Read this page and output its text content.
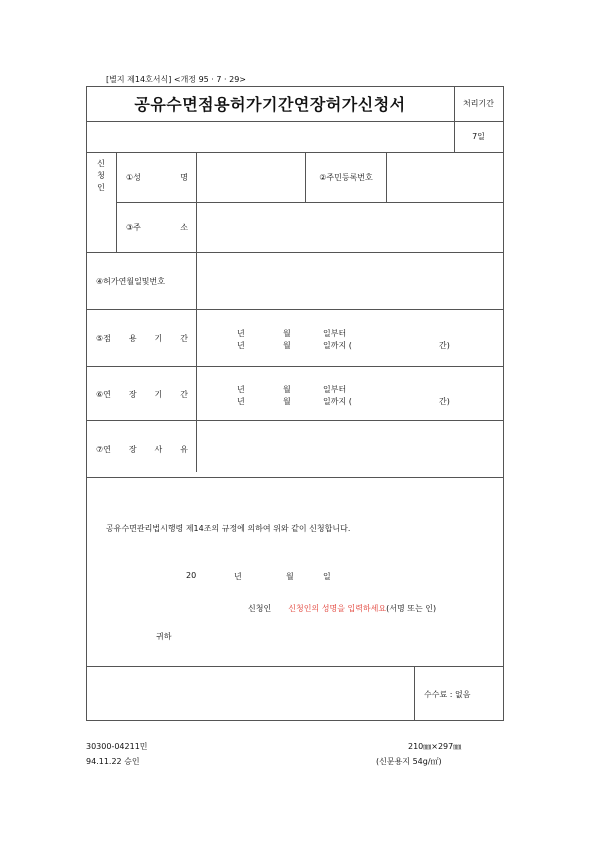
[별지 제14호서식] <개정 95 · 7 · 29>
공유수면점용허가기간연장허가신청서	처리기간
7일
신
청
인
①성	명	②주민등록번호
③주	소
④허가연월일및번호
⑤점 용 기 간
년	월	일부터
년	월	일까지 (	간)
⑥연 장 기 간
년	월	일부터
년	월	일까지 (	간)
⑦연 장 사 유
공유수면관리법시행령 제14조의 규정에 의하여 위와 같이 신청합니다.
20	년	월	일
신청인 신청인의 성명을 입력하세요(서명 또는 인)
귀하
수수료 : 없음
30300-04211민
94.11.22 승인
210㎜×297㎜
(신문용지 54g/㎡)
